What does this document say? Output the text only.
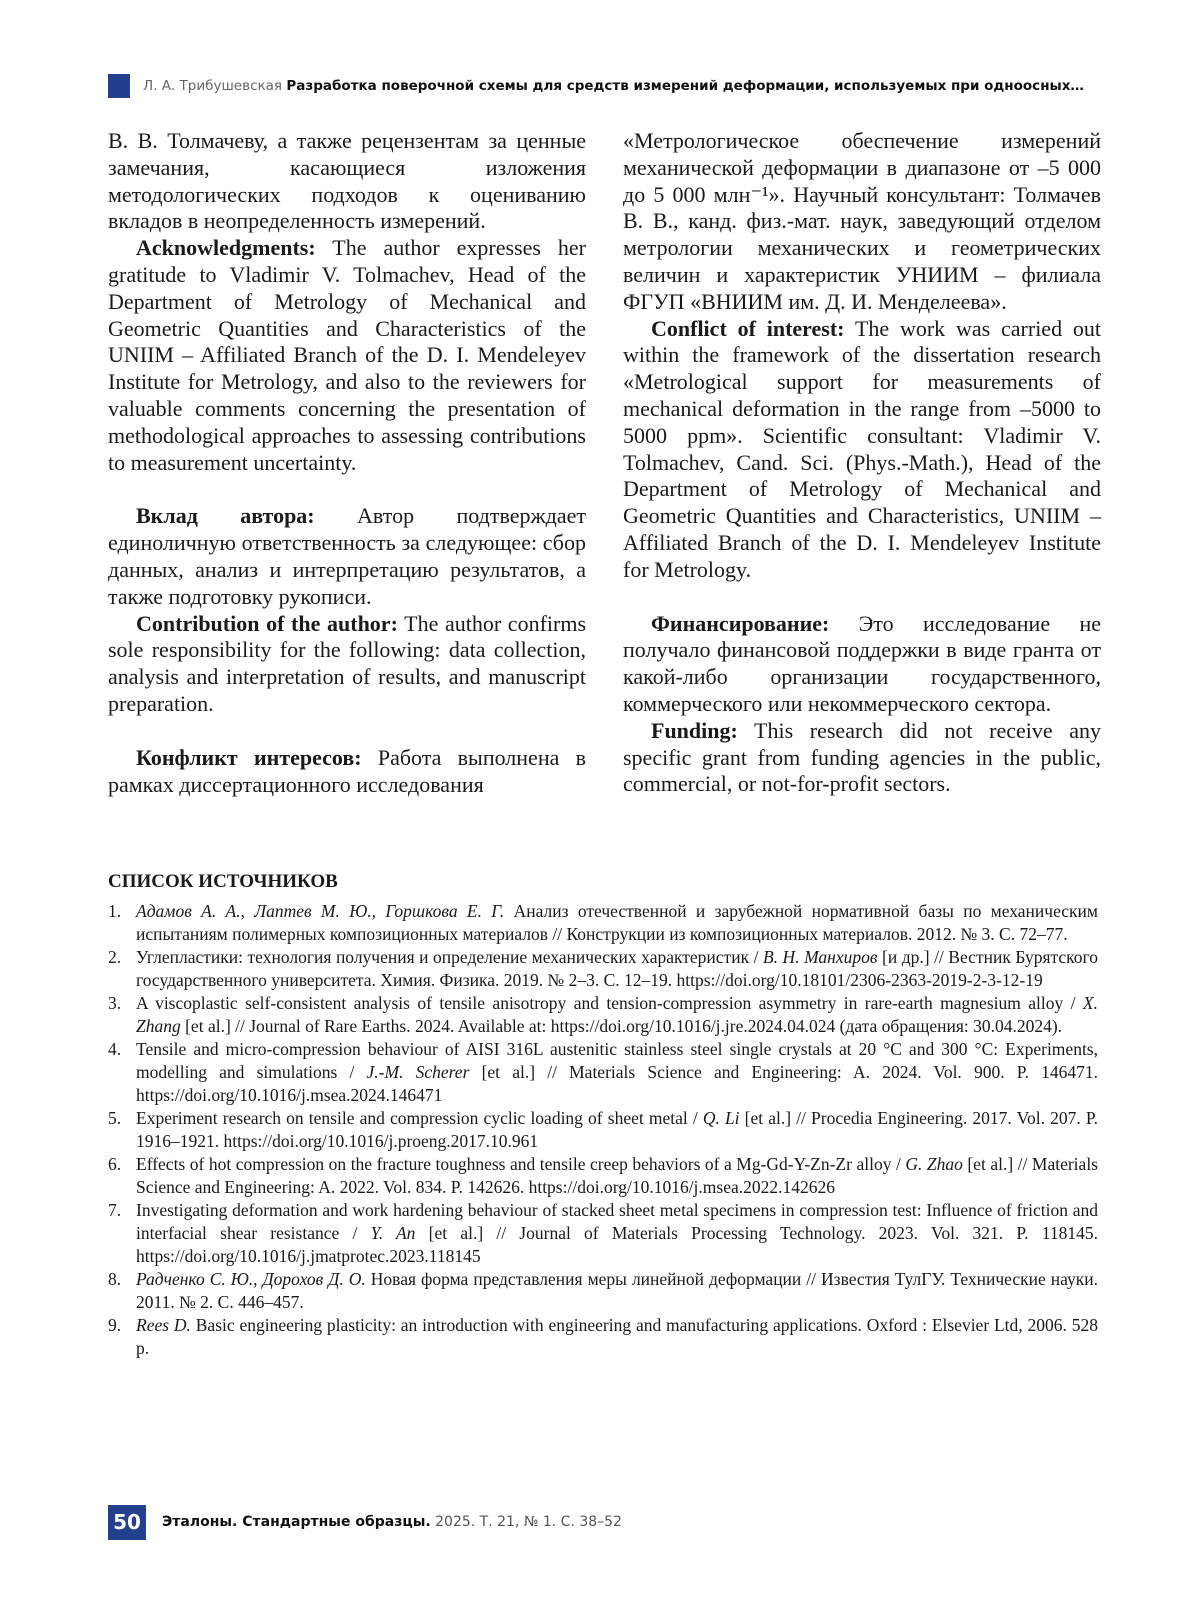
Л. А. Трибушевская Разработка поверочной схемы для средств измерений деформации, используемых при одноосных…

В. В. Толмачеву, а также рецензентам за ценные замечания, касающиеся изложения методологических подходов к оцениванию вкладов в неопределенность измерений.

Acknowledgments: The author expresses her gratitude to Vladimir V. Tolmachev, Head of the Department of Metrology of Mechanical and Geometric Quantities and Characteristics of the UNIIM – Affiliated Branch of the D. I. Mendeleyev Institute for Metrology, and also to the reviewers for valuable comments concerning the presentation of methodological approaches to assessing contributions to measurement uncertainty.

Вклад автора: Автор подтверждает единоличную ответственность за следующее: сбор данных, анализ и интерпретацию результатов, а также подготовку рукописи.

Contribution of the author: The author confirms sole responsibility for the following: data collection, analysis and interpretation of results, and manuscript preparation.

Конфликт интересов: Работа выполнена в рамках диссертационного исследования

«Метрологическое обеспечение измерений механической деформации в диапазоне от –5 000 до 5 000 млн⁻¹». Научный консультант: Толмачев В. В., канд. физ.-мат. наук, заведующий отделом метрологии механических и геометрических величин и характеристик УНИИМ – филиала ФГУП «ВНИИМ им. Д. И. Менделеева».

Conflict of interest: The work was carried out within the framework of the dissertation research «Metrological support for measurements of mechanical deformation in the range from –5000 to 5000 ppm». Scientific consultant: Vladimir V. Tolmachev, Cand. Sci. (Phys.-Math.), Head of the Department of Metrology of Mechanical and Geometric Quantities and Characteristics, UNIIM – Affiliated Branch of the D. I. Mendeleyev Institute for Metrology.

Финансирование: Это исследование не получало финансовой поддержки в виде гранта от какой-либо организации государственного, коммерческого или некоммерческого сектора.

Funding: This research did not receive any specific grant from funding agencies in the public, commercial, or not-for-profit sectors.

СПИСОК ИСТОЧНИКОВ

1. Адамов А. А., Лаптев М. Ю., Горшкова Е. Г. Анализ отечественной и зарубежной нормативной базы по механическим испытаниям полимерных композиционных материалов // Конструкции из композиционных материалов. 2012. № 3. С. 72–77.

2. Углепластики: технология получения и определение механических характеристик / В. Н. Манхиров [и др.] // Вестник Бурятского государственного университета. Химия. Физика. 2019. № 2–3. С. 12–19. https://doi.org/10.18101/2306-2363-2019-2-3-12-19

3. A viscoplastic self-consistent analysis of tensile anisotropy and tension-compression asymmetry in rare-earth magnesium alloy / X. Zhang [et al.] // Journal of Rare Earths. 2024. Available at: https://doi.org/10.1016/j.jre.2024.04.024 (дата обращения: 30.04.2024).

4. Tensile and micro-compression behaviour of AISI 316L austenitic stainless steel single crystals at 20 °C and 300 °C: Experiments, modelling and simulations / J.-M. Scherer [et al.] // Materials Science and Engineering: A. 2024. Vol. 900. P. 146471. https://doi.org/10.1016/j.msea.2024.146471

5. Experiment research on tensile and compression cyclic loading of sheet metal / Q. Li [et al.] // Procedia Engineering. 2017. Vol. 207. P. 1916–1921. https://doi.org/10.1016/j.proeng.2017.10.961

6. Effects of hot compression on the fracture toughness and tensile creep behaviors of a Mg-Gd-Y-Zn-Zr alloy / G. Zhao [et al.] // Materials Science and Engineering: A. 2022. Vol. 834. P. 142626. https://doi.org/10.1016/j.msea.2022.142626

7. Investigating deformation and work hardening behaviour of stacked sheet metal specimens in compression test: Influence of friction and interfacial shear resistance / Y. An [et al.] // Journal of Materials Processing Technology. 2023. Vol. 321. P. 118145. https://doi.org/10.1016/j.jmatprotec.2023.118145

8. Радченко С. Ю., Дорохов Д. О. Новая форма представления меры линейной деформации // Известия ТулГУ. Технические науки. 2011. № 2. С. 446–457.

9. Rees D. Basic engineering plasticity: an introduction with engineering and manufacturing applications. Oxford : Elsevier Ltd, 2006. 528 p.

50	Эталоны. Стандартные образцы. 2025. Т. 21, № 1. С. 38–52
